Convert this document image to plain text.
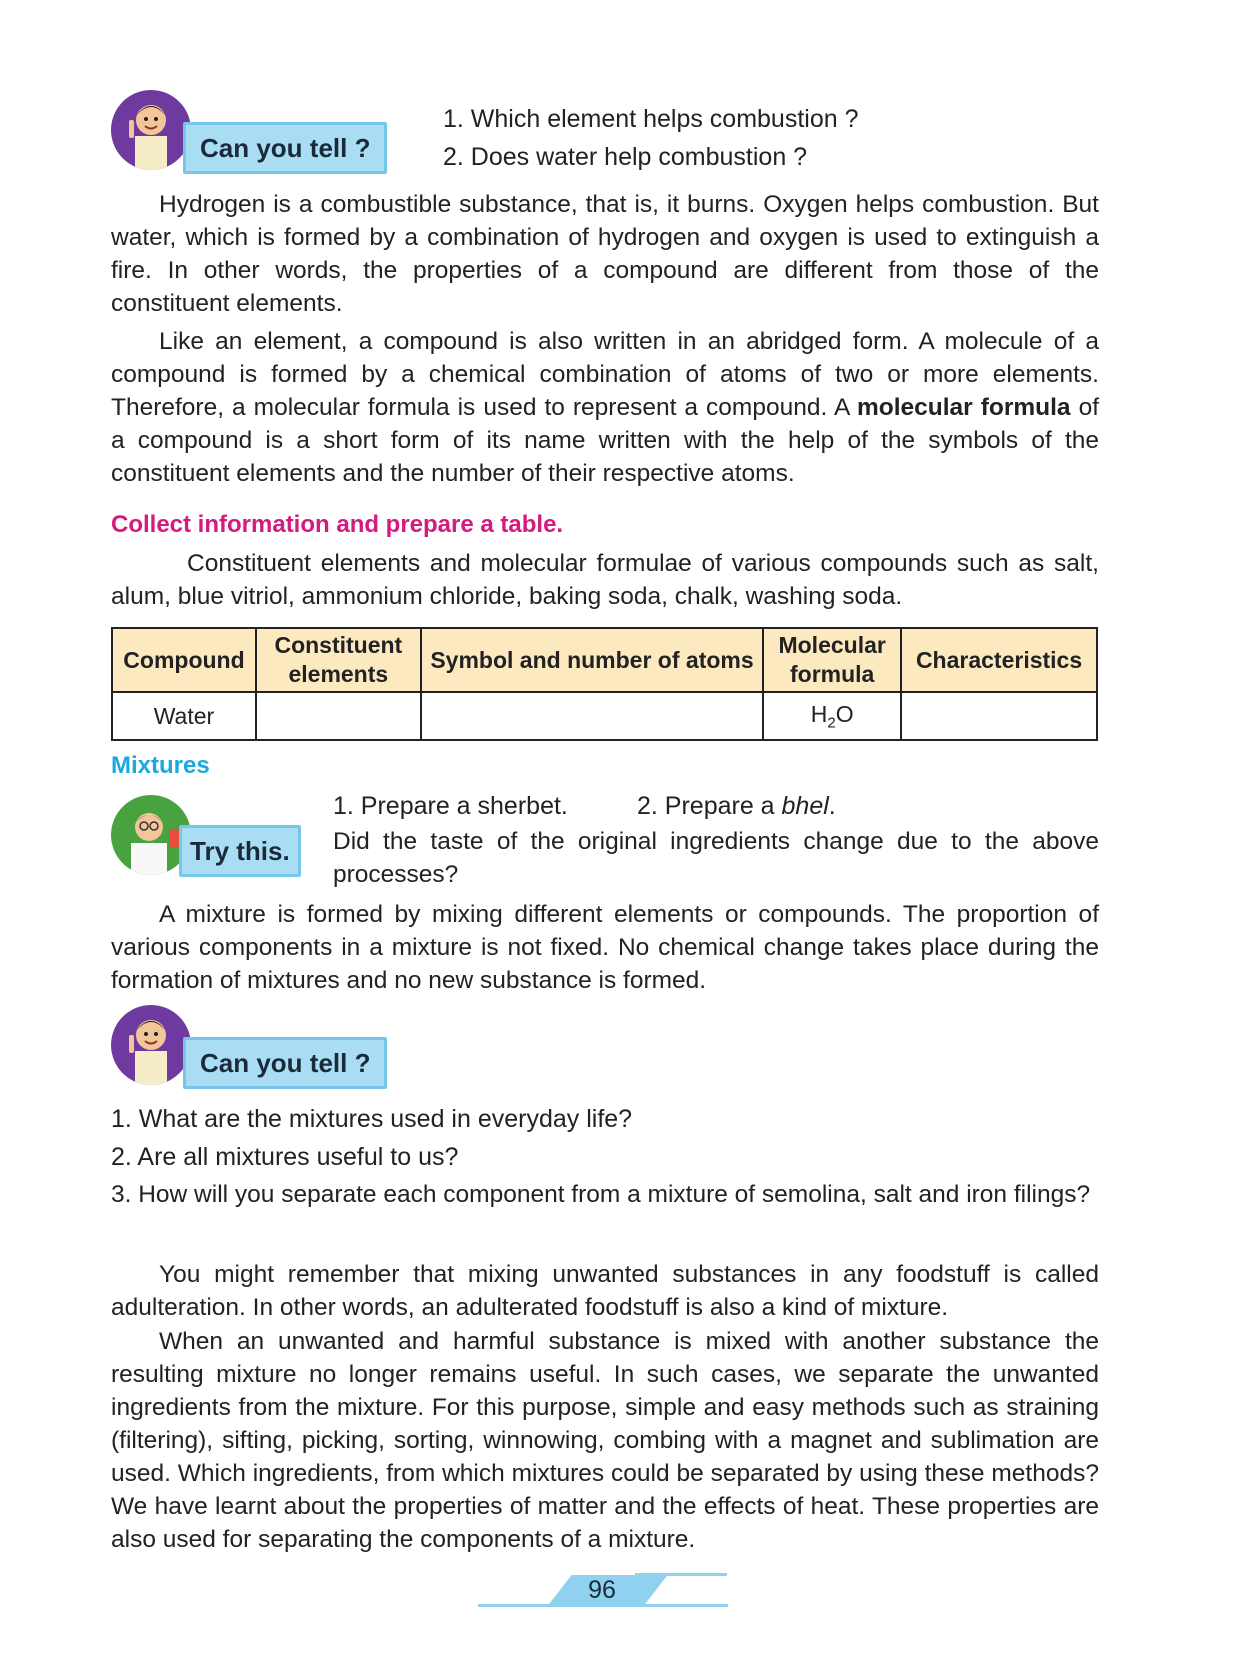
Can you tell ?
1. Which element helps combustion ?
2. Does water help combustion ?

Hydrogen is a combustible substance, that is, it burns. Oxygen helps combustion. But water, which is formed by a combination of hydrogen and oxygen is used to extinguish a fire. In other words, the properties of a compound are different from those of the constituent elements.

Like an element, a compound is also written in an abridged form. A molecule of a compound is formed by a chemical combination of atoms of two or more elements. Therefore, a molecular formula is used to represent a compound. A molecular formula of a compound is a short form of its name written with the help of the symbols of the constituent elements and the number of their respective atoms.

Collect information and prepare a table.

Constituent elements and molecular formulae of various compounds such as salt, alum, blue vitriol, ammonium chloride, baking soda, chalk, washing soda.

Compound	Constituent elements	Symbol and number of atoms	Molecular formula	Characteristics
Water			$H_2O$	
Mixtures
Try this.
1. Prepare a sherbet.	2. Prepare a bhel.

Did the taste of the original ingredients change due to the above processes?

A mixture is formed by mixing different elements or compounds. The proportion of various components in a mixture is not fixed. No chemical change takes place during the formation of mixtures and no new substance is formed.

Can you tell ?
1. What are the mixtures used in everyday life?
2. Are all mixtures useful to us?

3. How will you separate each component from a mixture of semolina, salt and iron filings?

You might remember that mixing unwanted substances in any foodstuff is called adulteration. In other words, an adulterated foodstuff is also a kind of mixture.

When an unwanted and harmful substance is mixed with another substance the resulting mixture no longer remains useful. In such cases, we separate the unwanted ingredients from the mixture. For this purpose, simple and easy methods such as straining (filtering), sifting, picking, sorting, winnowing, combing with a magnet and sublimation are used. Which ingredients, from which mixtures could be separated by using these methods? We have learnt about the properties of matter and the effects of heat. These properties are also used for separating the components of a mixture.

96
